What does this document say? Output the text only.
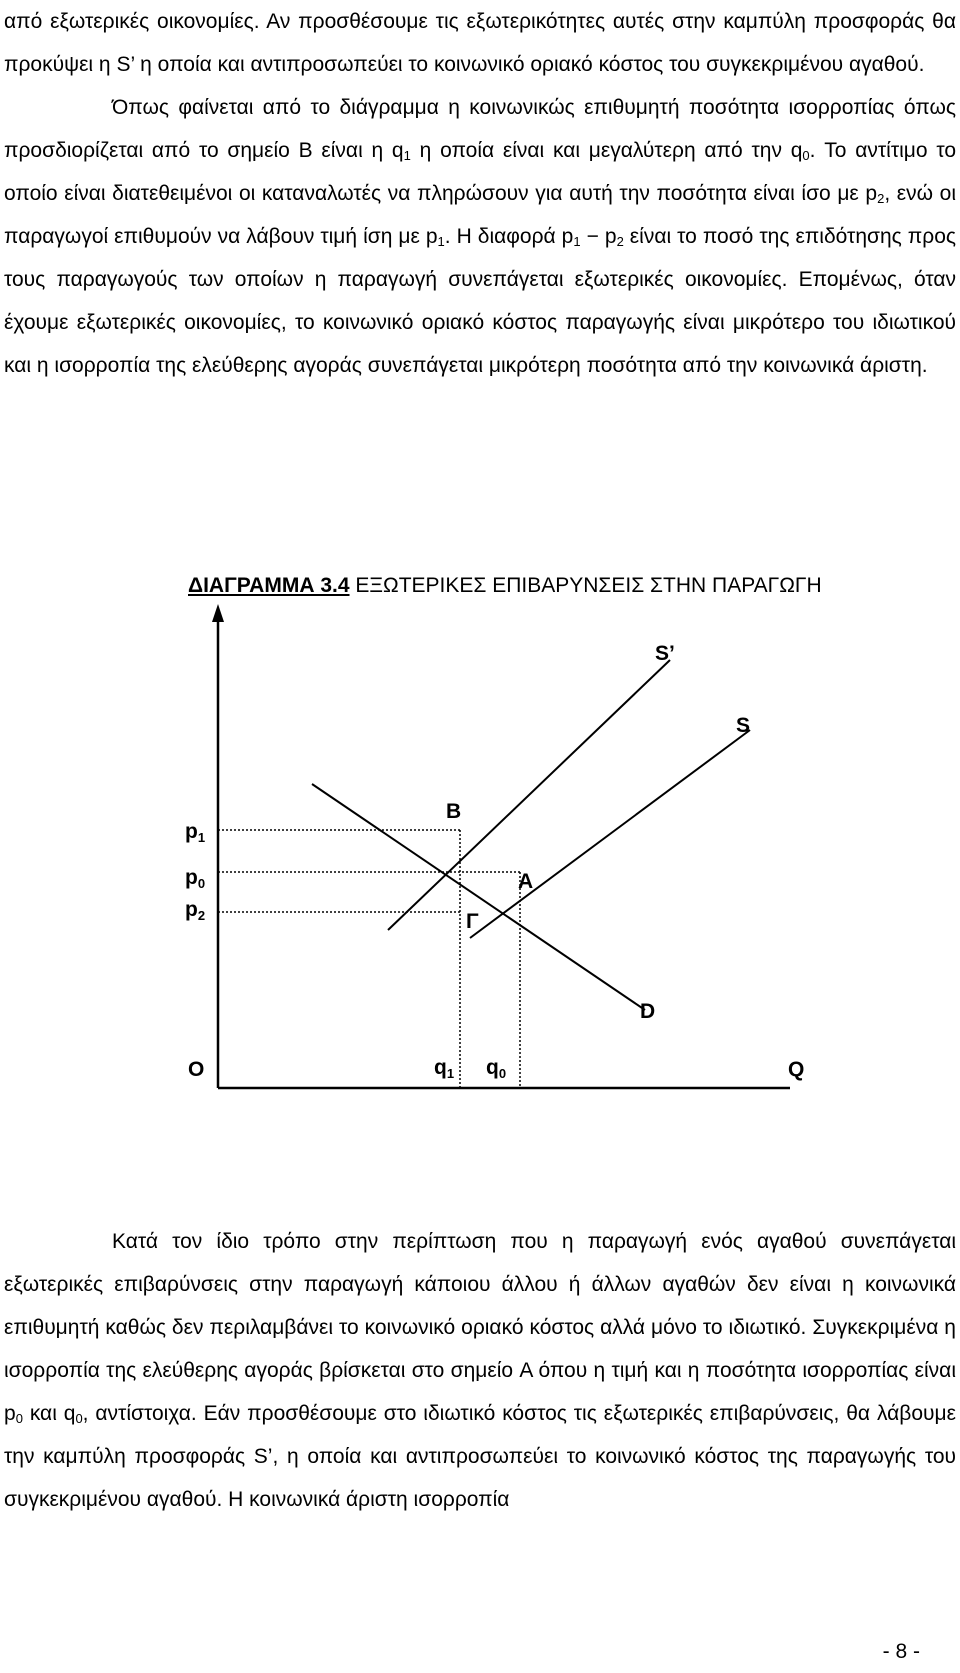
από εξωτερικές οικονομίες. Αν προσθέσουμε τις εξωτερικότητες αυτές στην καμπύλη προσφοράς θα προκύψει η S’ η οποία και αντιπροσωπεύει το κοινωνικό οριακό κόστος του συγκεκριμένου αγαθού.

Όπως φαίνεται από το διάγραμμα η κοινωνικώς επιθυμητή ποσότητα ισορροπίας όπως προσδιορίζεται από το σημείο B είναι η $q_1$ η οποία είναι και μεγαλύτερη από την $q_0$. Το αντίτιμο το οποίο είναι διατεθειμένοι οι καταναλωτές να πληρώσουν για αυτή την ποσότητα είναι ίσο με $p_2$, ενώ οι παραγωγοί επιθυμούν να λάβουν τιμή ίση με $p_1$. Η διαφορά $p_1 - p_2$ είναι το ποσό της επιδότησης προς τους παραγωγούς των οποίων η παραγωγή συνεπάγεται εξωτερικές οικονομίες. Επομένως, όταν έχουμε εξωτερικές οικονομίες, το κοινωνικό οριακό κόστος παραγωγής είναι μικρότερο του ιδιωτικού και η ισορροπία της ελεύθερης αγοράς συνεπάγεται μικρότερη ποσότητα από την κοινωνικά άριστη.

ΔΙΑΓΡΑΜΜΑ 3.4 ΕΞΩΤΕΡΙΚΕΣ ΕΠΙΒΑΡΥΝΣΕΙΣ ΣΤΗΝ ΠΑΡΑΓΩΓΗ
Q
O
S’
S
D
B
A
Γ
p1
p0
p2
q1 q0

Κατά τον ίδιο τρόπο στην περίπτωση που η παραγωγή ενός αγαθού συνεπάγεται εξωτερικές επιβαρύνσεις στην παραγωγή κάποιου άλλου ή άλλων αγαθών δεν είναι η κοινωνικά επιθυμητή καθώς δεν περιλαμβάνει το κοινωνικό οριακό κόστος αλλά μόνο το ιδιωτικό. Συγκεκριμένα η ισορροπία της ελεύθερης αγοράς βρίσκεται στο σημείο A όπου η τιμή και η ποσότητα ισορροπίας είναι $p_0$ και $q_0$, αντίστοιχα. Εάν προσθέσουμε στο ιδιωτικό κόστος τις εξωτερικές επιβαρύνσεις, θα λάβουμε την καμπύλη προσφοράς S’, η οποία και αντιπροσωπεύει το κοινωνικό κόστος της παραγωγής του συγκεκριμένου αγαθού. Η κοινωνικά άριστη ισορροπία

- 8 -
